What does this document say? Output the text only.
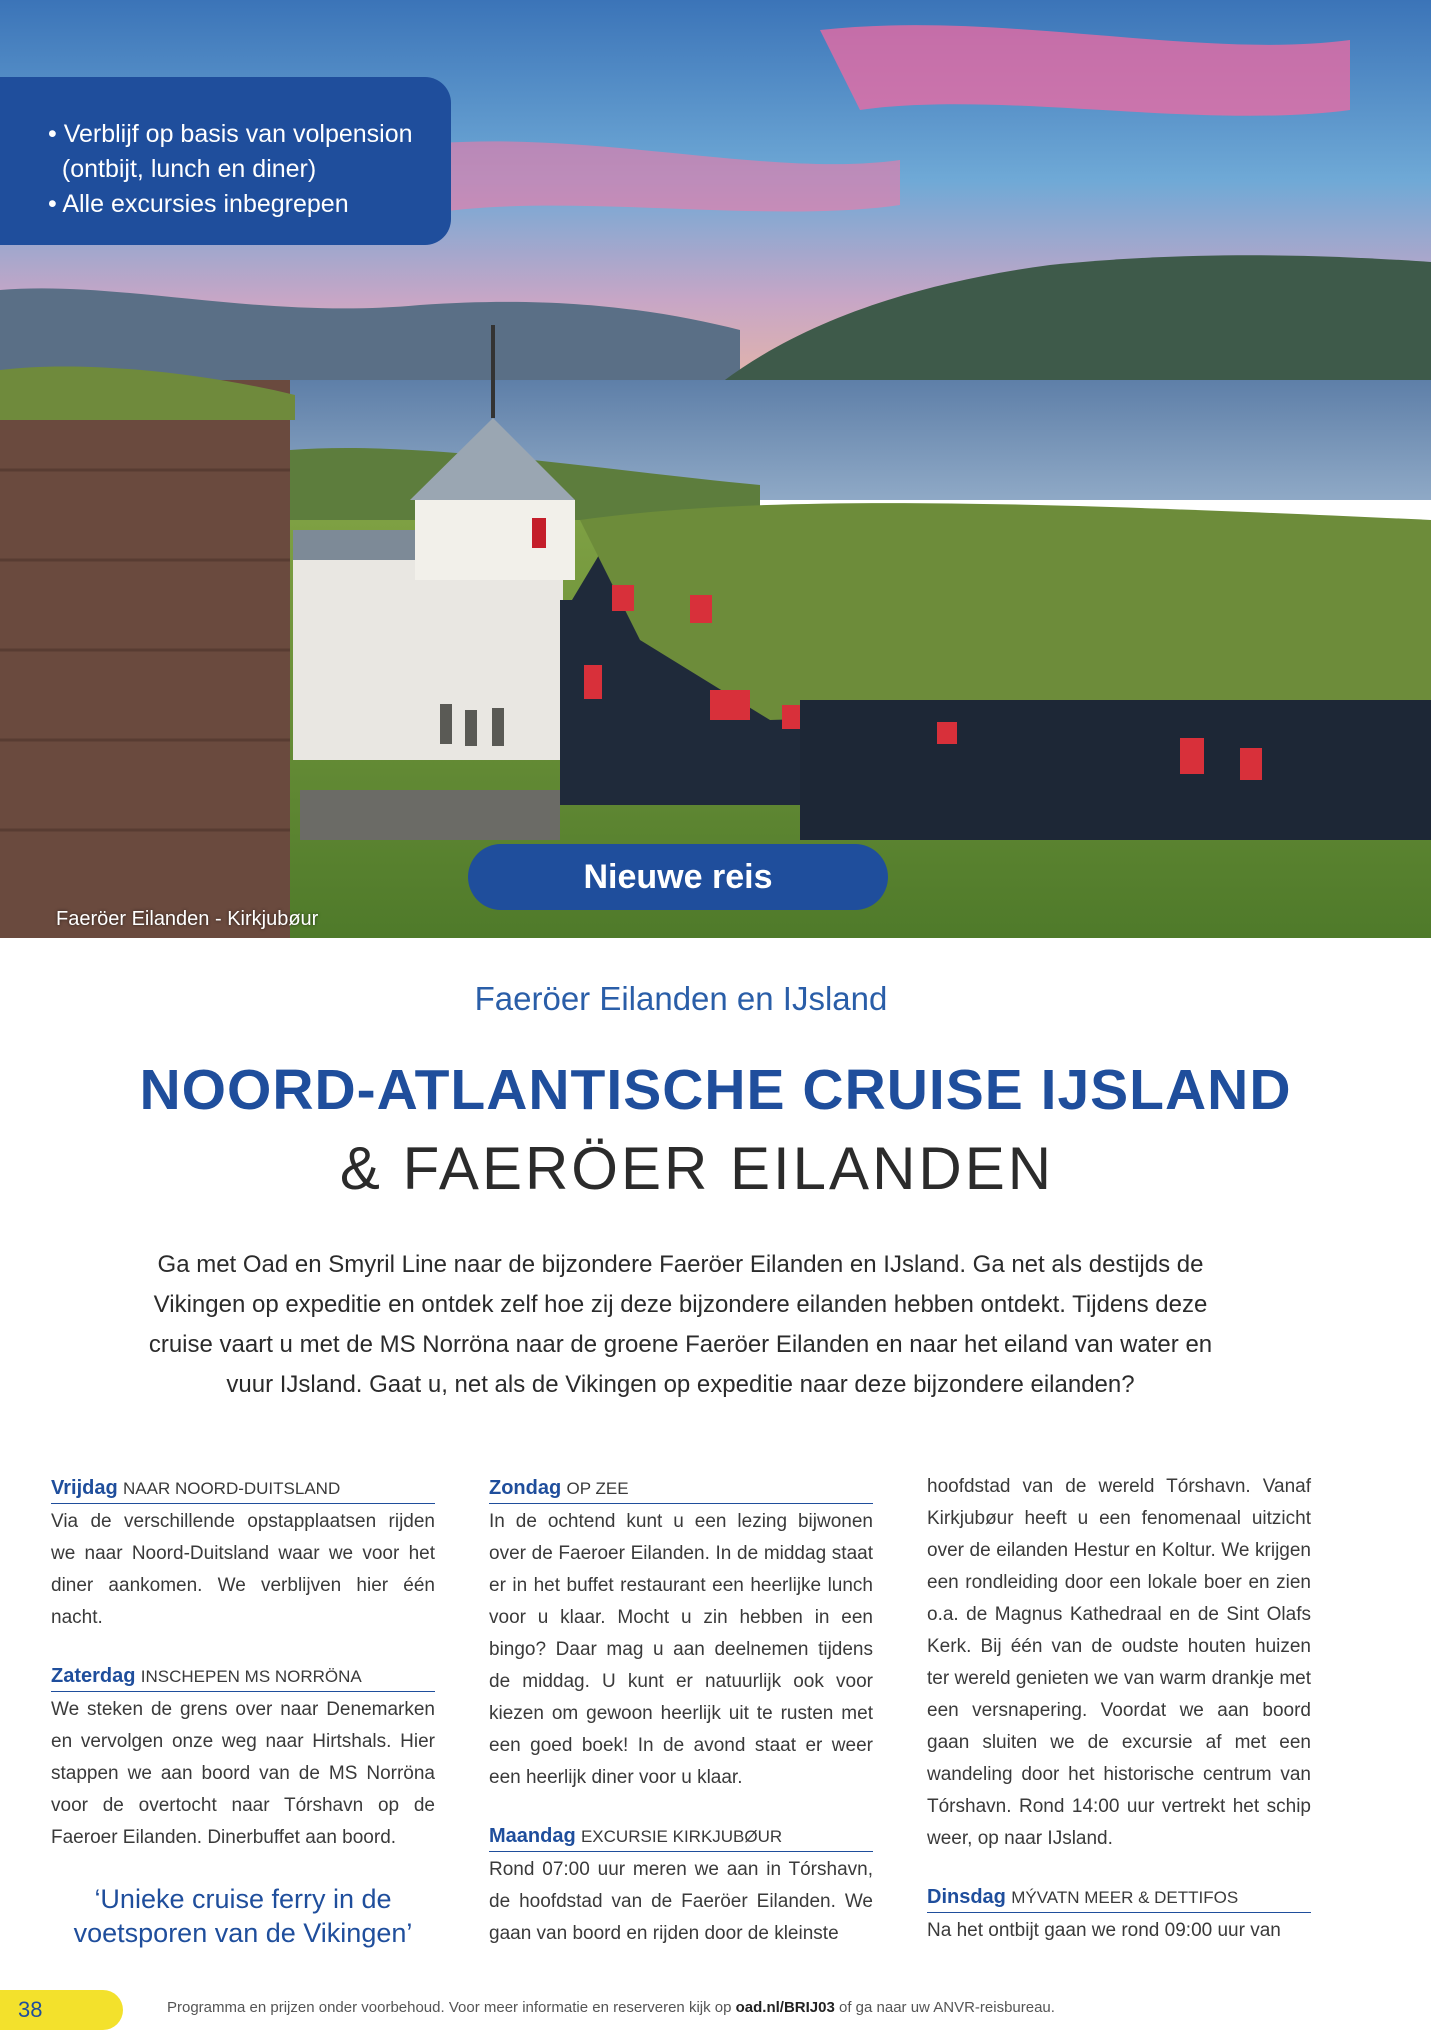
• Verblijf op basis van volpension
(ontbijt, lunch en diner)
• Alle excursies inbegrepen
Nieuwe reis
Faeröer Eilanden - Kirkjubøur
Faeröer Eilanden en IJsland
NOORD-ATLANTISCHE CRUISE IJSLAND
& FAERÖER EILANDEN
Ga met Oad en Smyril Line naar de bijzondere Faeröer Eilanden en IJsland. Ga net als destijds de Vikingen op expeditie en ontdek zelf hoe zij deze bijzondere eilanden hebben ontdekt. Tijdens deze cruise vaart u met de MS Norröna naar de groene Faeröer Eilanden en naar het eiland van water en vuur IJsland. Gaat u, net als de Vikingen op expeditie naar deze bijzondere eilanden?
Vrijdag NAAR NOORD-DUITSLAND

Via de verschillende opstapplaatsen rijden we naar Noord-Duitsland waar we voor het diner aankomen. We verblijven hier één nacht.

Zaterdag INSCHEPEN MS NORRÖNA

We steken de grens over naar Denemarken en vervolgen onze weg naar Hirtshals. Hier stappen we aan boord van de MS Norröna voor de overtocht naar Tórshavn op de Faeroer Eilanden. Dinerbuffet aan boord.

‘Unieke cruise ferry in de voetsporen van de Vikingen’
Zondag OP ZEE

In de ochtend kunt u een lezing bijwonen over de Faeroer Eilanden. In de middag staat er in het buffet restaurant een heerlijke lunch voor u klaar. Mocht u zin hebben in een bingo? Daar mag u aan deelnemen tijdens de middag. U kunt er natuurlijk ook voor kiezen om gewoon heerlijk uit te rusten met een goed boek! In de avond staat er weer een heerlijk diner voor u klaar.

Maandag EXCURSIE KIRKJUBØUR

Rond 07:00 uur meren we aan in Tórshavn, de hoofdstad van de Faeröer Eilanden. We gaan van boord en rijden door de kleinste

hoofdstad van de wereld Tórshavn. Vanaf Kirkjubøur heeft u een fenomenaal uitzicht over de eilanden Hestur en Koltur. We krijgen een rondleiding door een lokale boer en zien o.a. de Magnus Kathedraal en de Sint Olafs Kerk. Bij één van de oudste houten huizen ter wereld genieten we van warm drankje met een versnapering. Voordat we aan boord gaan sluiten we de excursie af met een wandeling door het historische centrum van Tórshavn. Rond 14:00 uur vertrekt het schip weer, op naar IJsland.

Dinsdag MÝVATN MEER & DETTIFOS

Na het ontbijt gaan we rond 09:00 uur van

38	Programma en prijzen onder voorbehoud. Voor meer informatie en reserveren kijk op oad.nl/BRIJ03 of ga naar uw ANVR-reisbureau.
